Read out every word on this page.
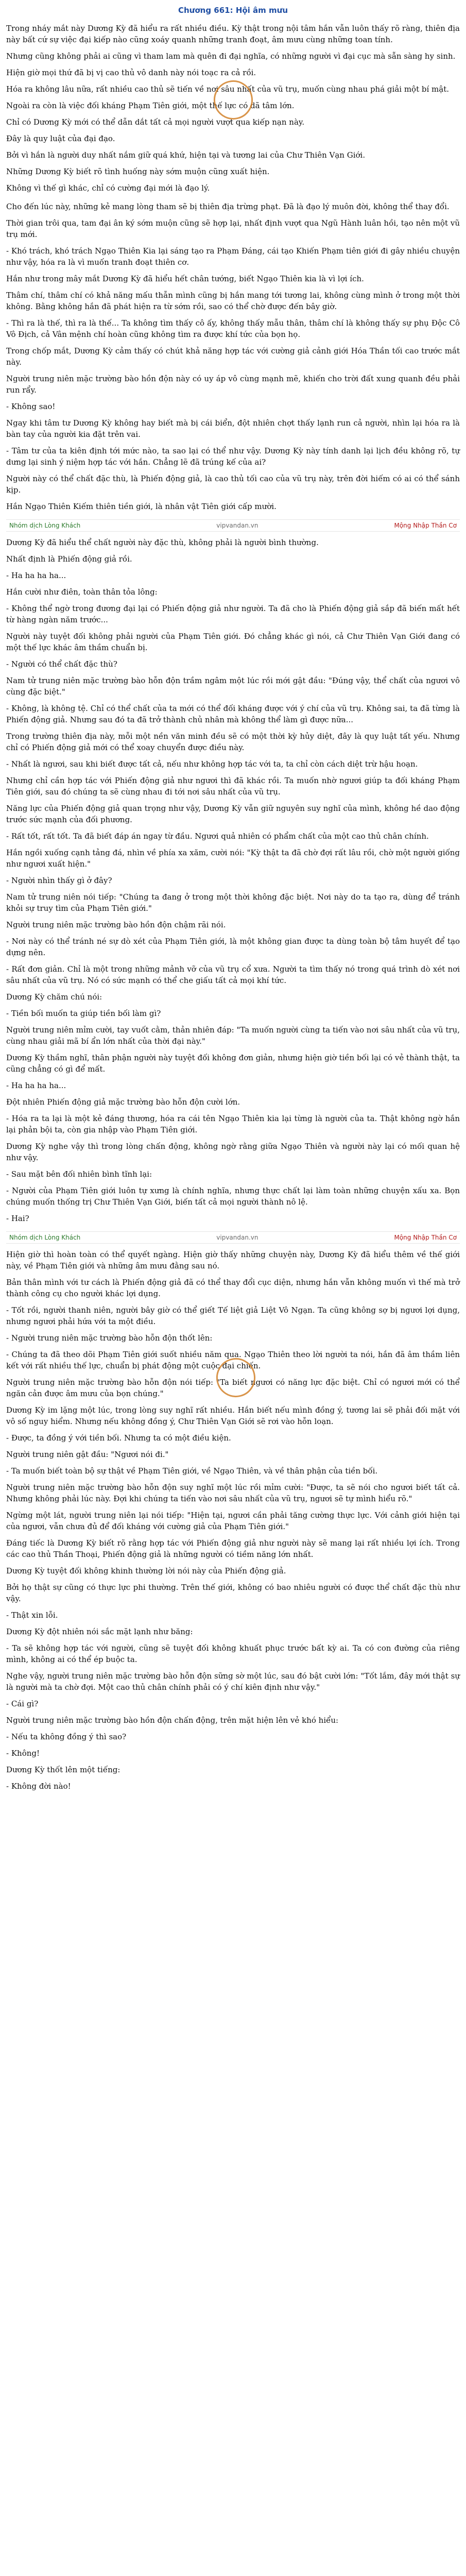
Chương 661: Hội âm mưu

Trong nháy mắt này Dương Kỳ đã hiểu ra rất nhiều điều. Kỳ thật trong nội tâm hắn vẫn luôn thấy rõ ràng, thiên địa này bất cứ sự việc đại kiếp nào cũng xoáy quanh những tranh đoạt, âm mưu cùng những toan tính.

Nhưng cũng không phải ai cũng vì tham lam mà quên đi đại nghĩa, có những người vì đại cục mà sẵn sàng hy sinh.

Hiện giờ mọi thứ đã bị vị cao thủ vô danh này nói toạc ra cả rồi.

Hóa ra không lâu nữa, rất nhiều cao thủ sẽ tiến về nơi sâu nhất của vũ trụ, muốn cùng nhau phá giải một bí mật.

Ngoài ra còn là việc đối kháng Phạm Tiên giới, một thế lực có dã tâm lớn.

Chỉ có Dương Kỳ mới có thể dẫn dắt tất cả mọi người vượt qua kiếp nạn này.

Đây là quy luật của đại đạo.

Bởi vì hắn là người duy nhất nắm giữ quá khứ, hiện tại và tương lai của Chư Thiên Vạn Giới.

Những Dương Kỳ biết rõ tình huống này sớm muộn cũng xuất hiện.

Không vì thế gì khác, chỉ có cường đại mới là đạo lý.

Cho đến lúc này, những kẻ mang lòng tham sẽ bị thiên địa trừng phạt. Đã là đạo lý muôn đời, không thể thay đổi.

Thời gian trôi qua, tam đại ân ký sớm muộn cũng sẽ hợp lại, nhất định vượt qua Ngũ Hành luân hồi, tạo nên một vũ trụ mới.

- Khó trách, khó trách Ngạo Thiên Kia lại sáng tạo ra Phạm Đáng, cái tạo Khiến Phạm tiên giới đi gây nhiều chuyện như vậy, hóa ra là vì muốn tranh đoạt thiên cơ.

Hắn như trong mây mắt Dương Kỳ đã hiểu hết chân tướng, biết Ngạo Thiên kia là vì lợi ích.

Thâm chí, thâm chí có khả năng mấu thẫn mình cũng bị hắn mang tới tương lai, không cùng mình ở trong một thời không. Bằng không hắn đã phát hiện ra từ sớm rồi, sao có thể chờ được đến bây giờ.

- Thì ra là thế, thì ra là thế... Ta không tìm thấy cô ấy, không thấy mẫu thân, thâm chí là không thấy sự phụ Độc Cô Vô Địch, cả Vân mệnh chí hoàn cũng không tìm ra được khí tức của bọn họ.

Trong chốp mắt, Dương Kỳ cảm thấy có chút khả năng hợp tác với cường giả cảnh giới Hóa Thần tối cao trước mắt này.

Người trung niên mặc trường bào hồn độn này có uy áp vô cùng mạnh mẽ, khiến cho trời đất xung quanh đều phải run rẩy.

- Không sao!

Ngay khi tâm tư Dương Kỳ không hay biết mà bị cái biển, đột nhiên chợt thấy lạnh run cả người, nhìn lại hóa ra là bàn tay của người kia đặt trên vai.

- Tâm tư của ta kiên định tới mức nào, ta sao lại có thể như vậy. Dương Kỳ này tính danh lại lịch đều không rõ, tự dưng lại sinh ý niệm hợp tác với hắn. Chẳng lẽ đã trúng kế của ai?

Người này có thể chất đặc thù, là Phiến động giả, là cao thủ tối cao của vũ trụ này, trên đời hiếm có ai có thể sánh kịp.

Hắn Ngạo Thiên Kiếm thiên tiền giới, là nhân vật Tiên giới cấp mười.

Nhóm dịch Lòng Khách	vipvandan.vn	Mộng Nhập Thần Cơ

Dương Kỳ đã hiểu thể chất người này đặc thù, không phải là người bình thường.

Nhất định là Phiến động giả rồi.

- Ha ha ha ha...

Hắn cười như điên, toàn thân tỏa lông:

- Không thể ngờ trong đương đại lại có Phiến động giả như người. Ta đã cho là Phiến động giả sắp đã biến mất hết từ hàng ngàn năm trước...

Người này tuyệt đối không phải người của Phạm Tiên giới. Đó chẳng khác gì nói, cả Chư Thiên Vạn Giới đang có một thế lực khác âm thầm chuẩn bị.

- Người có thể chất đặc thù?

Nam tử trung niên mặc trường bào hỗn độn trầm ngâm một lúc rồi mới gật đầu: "Đúng vậy, thể chất của ngươi vô cùng đặc biệt."

- Không, là không tệ. Chỉ có thể chất của ta mới có thể đối kháng được với ý chí của vũ trụ. Không sai, ta đã từng là Phiến động giả. Nhưng sau đó ta đã trở thành chủ nhân mà không thể làm gì được nữa...

Trong trường thiên địa này, mỗi một nền văn minh đều sẽ có một thời kỳ hủy diệt, đây là quy luật tất yếu. Nhưng chỉ có Phiến động giả mới có thể xoay chuyển được điều này.

- Nhất là ngươi, sau khi biết được tất cả, nếu như không hợp tác với ta, ta chỉ còn cách diệt trừ hậu hoạn.

Nhưng chỉ cần hợp tác với Phiến động giả như ngươi thì đã khác rồi. Ta muốn nhờ ngươi giúp ta đối kháng Phạm Tiên giới, sau đó chúng ta sẽ cùng nhau đi tới nơi sâu nhất của vũ trụ.

Năng lực của Phiến động giả quan trọng như vậy, Dương Kỳ vẫn giữ nguyên suy nghĩ của mình, không hề dao động trước sức mạnh của đối phương.

- Rất tốt, rất tốt. Ta đã biết đáp án ngay từ đầu. Ngươi quả nhiên có phẩm chất của một cao thủ chân chính.

Hắn ngồi xuống cạnh tảng đá, nhìn về phía xa xăm, cười nói: "Kỳ thật ta đã chờ đợi rất lâu rồi, chờ một người giống như ngươi xuất hiện."

- Người nhìn thấy gì ở đây?

Nam tử trung niên nói tiếp: "Chúng ta đang ở trong một thời không đặc biệt. Nơi này do ta tạo ra, dùng để tránh khỏi sự truy tìm của Phạm Tiên giới."

Người trung niên mặc trường bào hồn độn chậm rãi nói.

- Nơi này có thể tránh né sự dò xét của Phạm Tiên giới, là một không gian được ta dùng toàn bộ tâm huyết để tạo dựng nên.

- Rất đơn giản. Chỉ là một trong những mảnh vỡ của vũ trụ cổ xưa. Người ta tìm thấy nó trong quá trình dò xét nơi sâu nhất của vũ trụ. Nó có sức mạnh có thể che giấu tất cả mọi khí tức.

Dương Kỳ chăm chú nói:

- Tiền bối muốn ta giúp tiền bối làm gì?

Người trung niên mỉm cười, tay vuốt cằm, thản nhiên đáp: "Ta muốn người cùng ta tiến vào nơi sâu nhất của vũ trụ, cùng nhau giải mã bí ẩn lớn nhất của thời đại này."

Dương Kỳ thầm nghĩ, thân phận người này tuyệt đối không đơn giản, nhưng hiện giờ tiền bối lại có vẻ thành thật, ta cũng chẳng có gì để mất.

- Ha ha ha ha...

Đột nhiên Phiến động giả mặc trường bào hỗn độn cười lớn.

- Hóa ra ta lại là một kẻ đáng thương, hóa ra cái tên Ngạo Thiên kia lại từng là người của ta. Thật không ngờ hắn lại phản bội ta, còn gia nhập vào Phạm Tiên giới.

Dương Kỳ nghe vậy thì trong lòng chấn động, không ngờ rằng giữa Ngạo Thiên và người này lại có mối quan hệ như vậy.

- Sau mặt bên đối nhiên bình tĩnh lại:

- Người của Phạm Tiên giới luôn tự xưng là chính nghĩa, nhưng thực chất lại làm toàn những chuyện xấu xa. Bọn chúng muốn thống trị Chư Thiên Vạn Giới, biến tất cả mọi người thành nô lệ.

- Hai?

Nhóm dịch Lòng Khách	vipvandan.vn	Mộng Nhập Thần Cơ

Hiện giờ thì hoàn toàn có thể quyết ngàng. Hiện giờ thấy những chuyện này, Dương Kỳ đã hiểu thêm về thế giới này, về Phạm Tiên giới và những âm mưu đằng sau nó.

Bản thân mình với tư cách là Phiến động giả đã có thể thay đổi cục diện, nhưng hắn vẫn không muốn vì thế mà trở thành công cụ cho người khác lợi dụng.

- Tốt rồi, người thanh niên, người bây giờ có thể giết Tế liệt giả Liệt Vô Ngạn. Ta cũng không sợ bị ngươi lợi dụng, nhưng ngươi phải hứa với ta một điều.

- Người trung niên mặc trường bào hỗn độn thốt lên:

- Chúng ta đã theo dõi Phạm Tiên giới suốt nhiều năm qua. Ngạo Thiên theo lời người ta nói, hắn đã âm thầm liên kết với rất nhiều thế lực, chuẩn bị phát động một cuộc đại chiến.

Người trung niên mặc trường bào hỗn độn nói tiếp: "Ta biết ngươi có năng lực đặc biệt. Chỉ có ngươi mới có thể ngăn cản được âm mưu của bọn chúng."

Dương Kỳ im lặng một lúc, trong lòng suy nghĩ rất nhiều. Hắn biết nếu mình đồng ý, tương lai sẽ phải đối mặt với vô số nguy hiểm. Nhưng nếu không đồng ý, Chư Thiên Vạn Giới sẽ rơi vào hỗn loạn.

- Được, ta đồng ý với tiền bối. Nhưng ta có một điều kiện.

Người trung niên gật đầu: "Ngươi nói đi."

- Ta muốn biết toàn bộ sự thật về Phạm Tiên giới, về Ngạo Thiên, và về thân phận của tiền bối.

Người trung niên mặc trường bào hỗn độn suy nghĩ một lúc rồi mỉm cười: "Được, ta sẽ nói cho ngươi biết tất cả. Nhưng không phải lúc này. Đợi khi chúng ta tiến vào nơi sâu nhất của vũ trụ, ngươi sẽ tự mình hiểu rõ."

Ngừng một lát, người trung niên lại nói tiếp: "Hiện tại, ngươi cần phải tăng cường thực lực. Với cảnh giới hiện tại của ngươi, vẫn chưa đủ để đối kháng với cường giả của Phạm Tiên giới."

Đáng tiếc là Dương Kỳ biết rõ rằng hợp tác với Phiến động giả như người này sẽ mang lại rất nhiều lợi ích. Trong các cao thủ Thần Thoại, Phiến động giả là những người có tiềm năng lớn nhất.

Dương Kỳ tuyệt đối không khinh thường lời nói này của Phiến động giả.

Bởi họ thật sự cũng có thực lực phi thường. Trên thế giới, không có bao nhiêu người có được thể chất đặc thù như vậy.

- Thật xin lỗi.

Dương Kỳ đột nhiên nói sắc mặt lạnh như băng:

- Ta sẽ không hợp tác với người, cũng sẽ tuyệt đối không khuất phục trước bất kỳ ai. Ta có con đường của riêng mình, không ai có thể ép buộc ta.

Nghe vậy, người trung niên mặc trường bào hỗn độn sững sờ một lúc, sau đó bật cười lớn: "Tốt lắm, đây mới thật sự là người mà ta chờ đợi. Một cao thủ chân chính phải có ý chí kiên định như vậy."

- Cái gì?

Người trung niên mặc trường bào hồn độn chấn động, trên mặt hiện lên vẻ khó hiểu:

- Nếu ta không đồng ý thì sao?

- Không!

Dương Kỳ thốt lên một tiếng:

- Không đời nào!
